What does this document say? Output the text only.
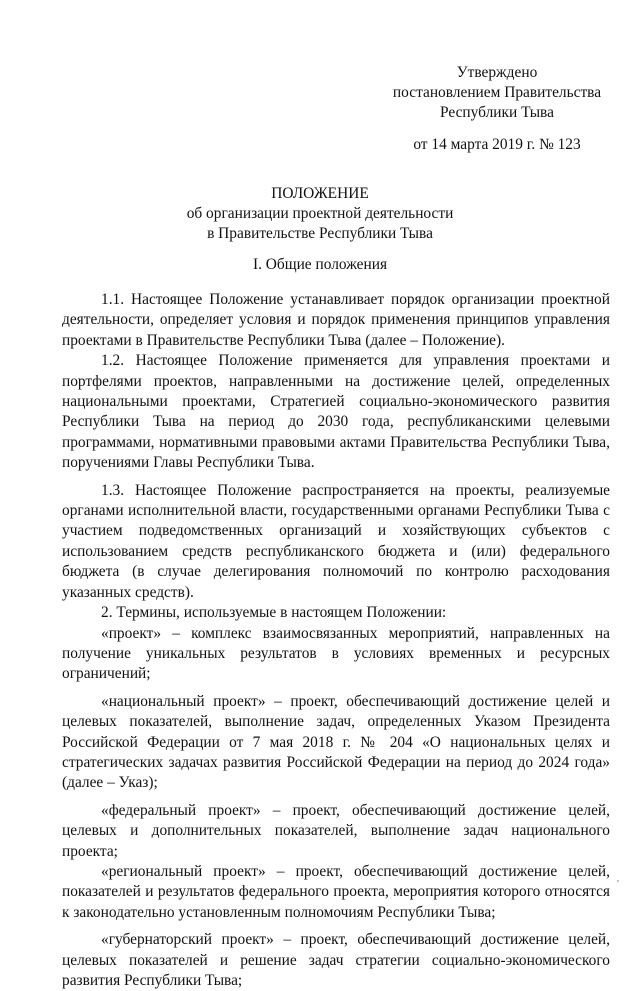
Утверждено
постановлением Правительства
Республики Тыва
от 14 марта 2019 г. № 123
ПОЛОЖЕНИЕ
об организации проектной деятельности
в Правительстве Республики Тыва
I. Общие положения

1.1. Настоящее Положение устанавливает порядок организации проектной деятельности, определяет условия и порядок применения принципов управления проектами в Правительстве Республики Тыва (далее – Положение).

1.2. Настоящее Положение применяется для управления проектами и портфелями проектов, направленными на достижение целей, определенных национальными проектами, Стратегией социально-экономического развития Республики Тыва на период до 2030 года, республиканскими целевыми программами, нормативными правовыми актами Правительства Республики Тыва, поручениями Главы Республики Тыва.

1.3. Настоящее Положение распространяется на проекты, реализуемые органами исполнительной власти, государственными органами Республики Тыва с участием подведомственных организаций и хозяйствующих субъектов с использованием средств республиканского бюджета и (или) федерального бюджета (в случае делегирования полномочий по контролю расходования указанных средств).

2. Термины, используемые в настоящем Положении:

«проект» – комплекс взаимосвязанных мероприятий, направленных на получение уникальных результатов в условиях временных и ресурсных ограничений;

«национальный проект» – проект, обеспечивающий достижение целей и целевых показателей, выполнение задач, определенных Указом Президента Российской Федерации от 7 мая 2018 г. № 204 «О национальных целях и стратегических задачах развития Российской Федерации на период до 2024 года» (далее – Указ);

«федеральный проект» – проект, обеспечивающий достижение целей, целевых и дополнительных показателей, выполнение задач национального проекта;

«региональный проект» – проект, обеспечивающий достижение целей, показателей и результатов федерального проекта, мероприятия которого относятся к законодательно установленным полномочиям Республики Тыва;

«губернаторский проект» – проект, обеспечивающий достижение целей, целевых показателей и решение задач стратегии социально-экономического развития Республики Тыва;

’
